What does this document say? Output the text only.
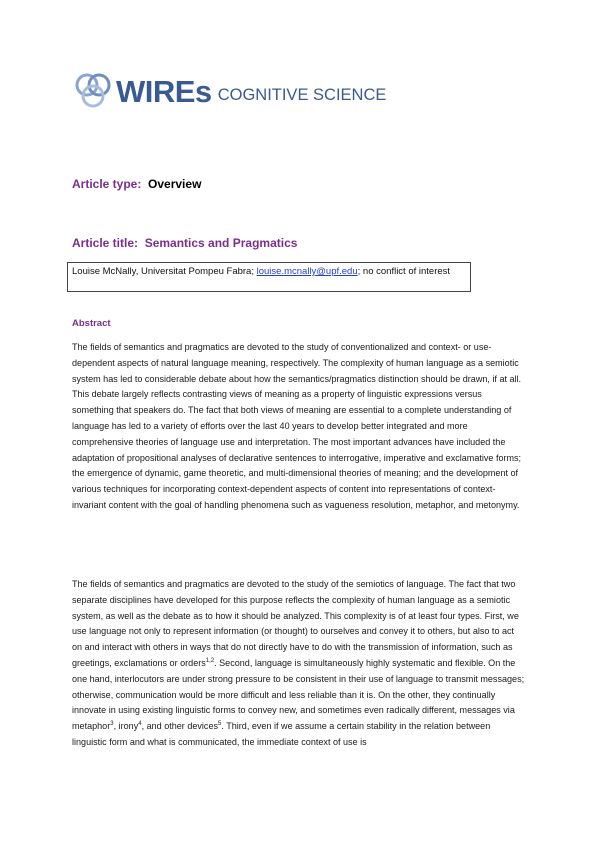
WIREs COGNITIVE SCIENCE
Article type: Overview
Article title: Semantics and Pragmatics
Louise McNally, Universitat Pompeu Fabra; louise.mcnally@upf.edu; no conflict of interest
Abstract

The fields of semantics and pragmatics are devoted to the study of conventionalized and context- or use-dependent aspects of natural language meaning, respectively. The complexity of human language as a semiotic system has led to considerable debate about how the semantics/pragmatics distinction should be drawn, if at all. This debate largely reflects contrasting views of meaning as a property of linguistic expressions versus something that speakers do. The fact that both views of meaning are essential to a complete understanding of language has led to a variety of efforts over the last 40 years to develop better integrated and more comprehensive theories of language use and interpretation. The most important advances have included the adaptation of propositional analyses of declarative sentences to interrogative, imperative and exclamative forms; the emergence of dynamic, game theoretic, and multi-dimensional theories of meaning; and the development of various techniques for incorporating context-dependent aspects of content into representations of context-invariant content with the goal of handling phenomena such as vagueness resolution, metaphor, and metonymy.

The fields of semantics and pragmatics are devoted to the study of the semiotics of language. The fact that two separate disciplines have developed for this purpose reflects the complexity of human language as a semiotic system, as well as the debate as to how it should be analyzed. This complexity is of at least four types. First, we use language not only to represent information (or thought) to ourselves and convey it to others, but also to act on and interact with others in ways that do not directly have to do with the transmission of information, such as greetings, exclamations or orders$^{1,2}$. Second, language is simultaneously highly systematic and flexible. On the one hand, interlocutors are under strong pressure to be consistent in their use of language to transmit messages; otherwise, communication would be more difficult and less reliable than it is. On the other, they continually innovate in using existing linguistic forms to convey new, and sometimes even radically different, messages via metaphor$^3$, irony$^4$, and other devices$^5$. Third, even if we assume a certain stability in the relation between linguistic form and what is communicated, the immediate context of use is
